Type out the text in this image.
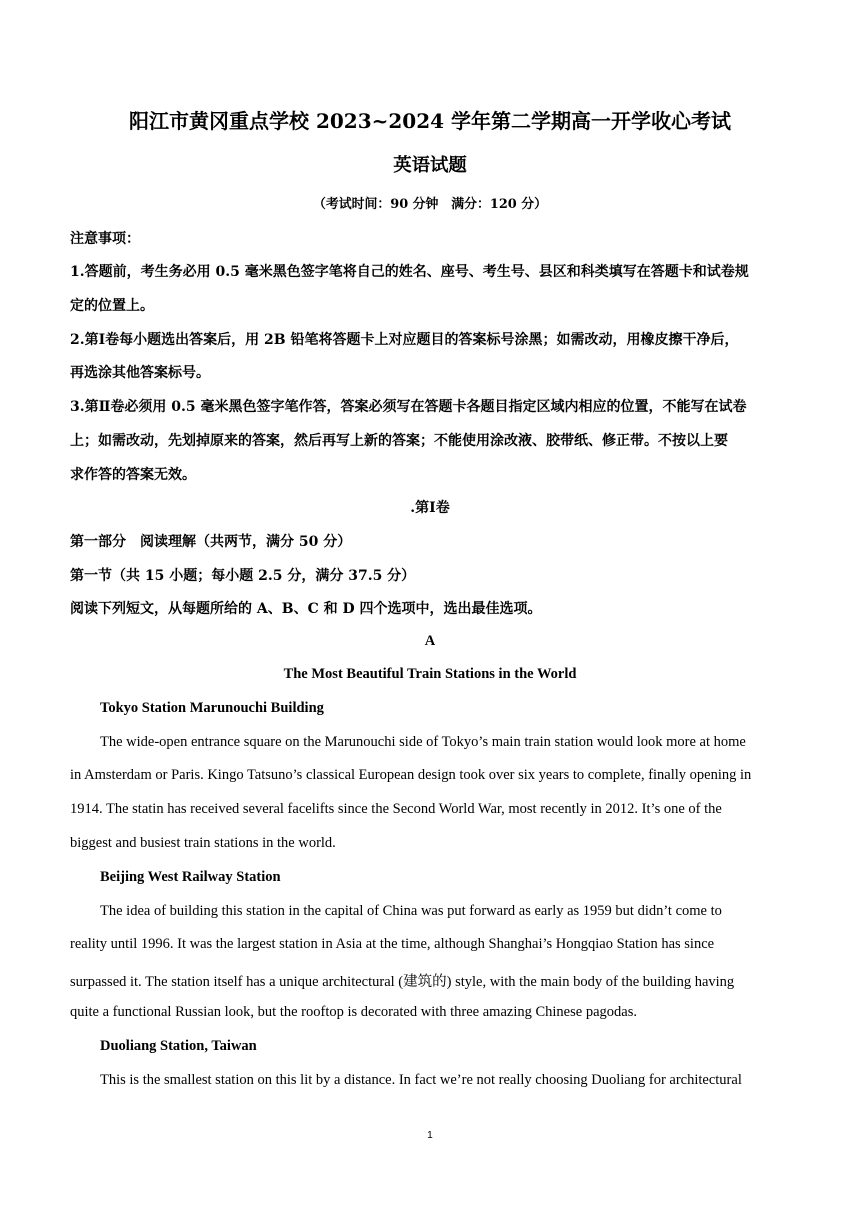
阳江市黄冈重点学校 2023~2024 学年第二学期高一开学收心考试

英语试题

（考试时间：90 分钟　满分：120 分）

注意事项：

1.答题前，考生务必用 0.5 毫米黑色签字笔将自己的姓名、座号、考生号、县区和科类填写在答题卡和试卷规

定的位置上。

2.第Ⅰ卷每小题选出答案后，用 2B 铅笔将答题卡上对应题目的答案标号涂黑；如需改动，用橡皮擦干净后，

再选涂其他答案标号。

3.第Ⅱ卷必须用 0.5 毫米黑色签字笔作答，答案必须写在答题卡各题目指定区域内相应的位置，不能写在试卷

上；如需改动，先划掉原来的答案，然后再写上新的答案；不能使用涂改液、胶带纸、修正带。不按以上要

求作答的答案无效。

.第Ⅰ卷

第一部分　阅读理解（共两节，满分 50 分）

第一节（共 15 小题；每小题 2.5 分，满分 37.5 分）

阅读下列短文，从每题所给的 A、B、C 和 D 四个选项中，选出最佳选项。

A

The Most Beautiful Train Stations in the World

Tokyo Station Marunouchi Building

The wide-open entrance square on the Marunouchi side of Tokyo’s main train station would look more at home

in Amsterdam or Paris. Kingo Tatsuno’s classical European design took over six years to complete, finally opening in

1914. The statin has received several facelifts since the Second World War, most recently in 2012. It’s one of the

biggest and busiest train stations in the world.

Beijing West Railway Station

The idea of building this station in the capital of China was put forward as early as 1959 but didn’t come to

reality until 1996. It was the largest station in Asia at the time, although Shanghai’s Hongqiao Station has since

surpassed it. The station itself has a unique architectural (建筑的) style, with the main body of the building having

quite a functional Russian look, but the rooftop is decorated with three amazing Chinese pagodas.

Duoliang Station, Taiwan

This is the smallest station on this lit by a distance. In fact we’re not really choosing Duoliang for architectural

1
